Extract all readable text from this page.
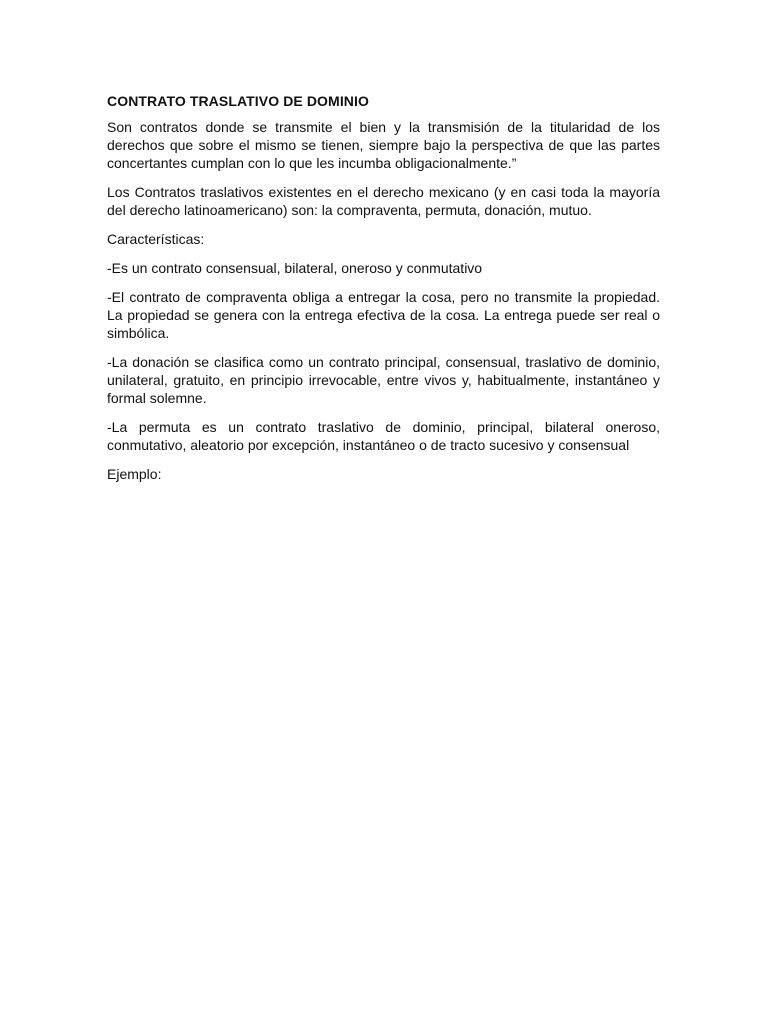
CONTRATO TRASLATIVO DE DOMINIO

Son contratos donde se transmite el bien y la transmisión de la titularidad de los derechos que sobre el mismo se tienen, siempre bajo la perspectiva de que las partes concertantes cumplan con lo que les incumba obligacionalmente.”

Los Contratos traslativos existentes en el derecho mexicano (y en casi toda la mayoría del derecho latinoamericano) son: la compraventa, permuta, donación, mutuo.

Características:

-Es un contrato consensual, bilateral, oneroso y conmutativo

-El contrato de compraventa obliga a entregar la cosa, pero no transmite la propiedad. La propiedad se genera con la entrega efectiva de la cosa. La entrega puede ser real o simbólica.

-La donación se clasifica como un contrato principal, consensual, traslativo de dominio, unilateral, gratuito, en principio irrevocable, entre vivos y, habitualmente, instantáneo y formal solemne.

-La permuta es un contrato traslativo de dominio, principal, bilateral oneroso, conmutativo, aleatorio por excepción, instantáneo o de tracto sucesivo y consensual

Ejemplo:
